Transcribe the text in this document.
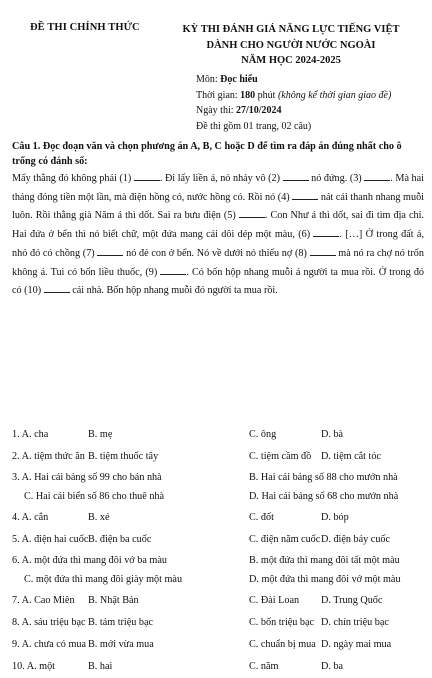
ĐỀ THI CHÍNH THỨC	KỲ THI ĐÁNH GIÁ NĂNG LỰC TIẾNG VIỆT
DÀNH CHO NGƯỜI NƯỚC NGOÀI
NĂM HỌC 2024-2025
Môn: Đọc hiểu
Thời gian: 180 phút (không kể thời gian giao đề)
Ngày thi: 27/10/2024
Đề thi gồm 01 trang, 02 câu)
Câu 1. Đọc đoạn văn và chọn phương án A, B, C hoặc D để tìm ra đáp án đúng nhất cho ô trống có đánh số:
Mấy thằng đó không phải (1)	. Đi lấy liền á, nó nhảy vô (2)	nó đứng. (3)	. Mà hai tháng đóng tiền một lần, mà điện hồng có, nước hồng có. Rồi nó (4)	nát cái thanh nhang muỗi luôn. Rồi thằng già Năm á thì dốt. Sai ra bưu điện (5)	. Con Như á thì dốt, sai đi tìm địa chỉ. Hai đứa ở bển thì nó biết chữ, một đứa mang cái dôi dép một màu, (6)	. […] Ở trong đất á, nhỏ đó có chồng (7)	nó đẻ con ở bển. Nó về dưới nó thiếu nợ (8)	mà nó ra chợ nó trốn không á. Tui có bốn liều thuốc, (9)	. Có bốn hộp nhang muỗi á người ta mua rồi. Ở trong đó có (10)	cái nhà. Bốn hộp nhang muỗi đó người ta mua rồi.
1. A. cha	B. mẹ	C. ông	D. bà
2. A. tiệm thức ăn B. tiệm thuốc tây	C. tiệm cầm đồ D. tiệm cắt tóc
3. A. Hai cái bảng số 99 cho bán nhà	B. Hai cái bảng số 88 cho mướn nhà
C. Hai cái biển số 86 cho thuê nhà	D. Hai cái bảng số 68 cho mướn nhà
4. A. cắn	B. xé	C. đốt	D. bóp
5. A. điện hai cuốc B. điện ba cuốc	C. điện năm cuốc D. điện bảy cuốc
6. A. một đứa thì mang đôi vớ ba màu	B. một đứa thì mang đôi tất một màu
C. một đứa thì mang đôi giày một màu	D. một đứa thì mang đôi vớ một màu
7. A. Cao Miên B. Nhật Bản	C. Đài Loan D. Trung Quốc
8. A. sáu triệu bạc B. tám triệu bạc	C. bốn triệu bạc D. chín triệu bạc
9. A. chưa có mua B. mới vừa mua	C. chuẩn bị mua D. ngày mai mua
10. A. một	B. hai	C. năm	D. ba
